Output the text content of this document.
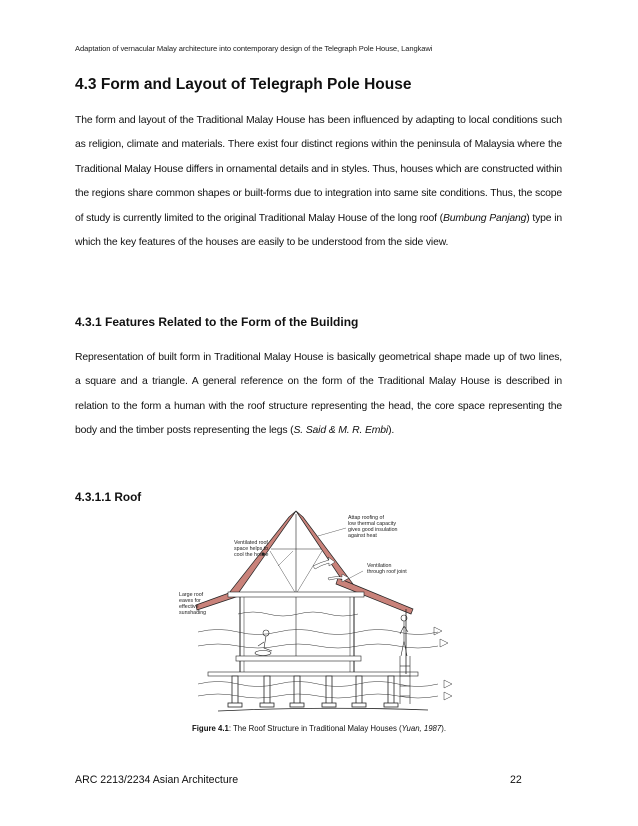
Adaptation of vernacular Malay architecture into contemporary design of the Telegraph Pole House, Langkawi
4.3 Form and Layout of Telegraph Pole House

The form and layout of the Traditional Malay House has been influenced by adapting to local conditions such as religion, climate and materials. There exist four distinct regions within the peninsula of Malaysia where the Traditional Malay House differs in ornamental details and in styles. Thus, houses which are constructed within the regions share common shapes or built-forms due to integration into same site conditions. Thus, the scope of study is currently limited to the original Traditional Malay House of the long roof (Bumbung Panjang) type in which the key features of the houses are easily to be understood from the side view.

4.3.1 Features Related to the Form of the Building

Representation of built form in Traditional Malay House is basically geometrical shape made up of two lines, a square and a triangle. A general reference on the form of the Traditional Malay House is described in relation to the form a human with the roof structure representing the head, the core space representing the body and the timber posts representing the legs (S. Said & M. R. Embi).

4.3.1.1 Roof
Attap roofing of
low thermal capacity
gives good insulation
against heat
Ventilated roof
space helps to
cool the house
Ventilation
through roof joint
Large roof
eaves for
effective
sunshading
Figure 4.1: The Roof Structure in Traditional Malay Houses (Yuan, 1987).
ARC 2213/2234 Asian Architecture	22
